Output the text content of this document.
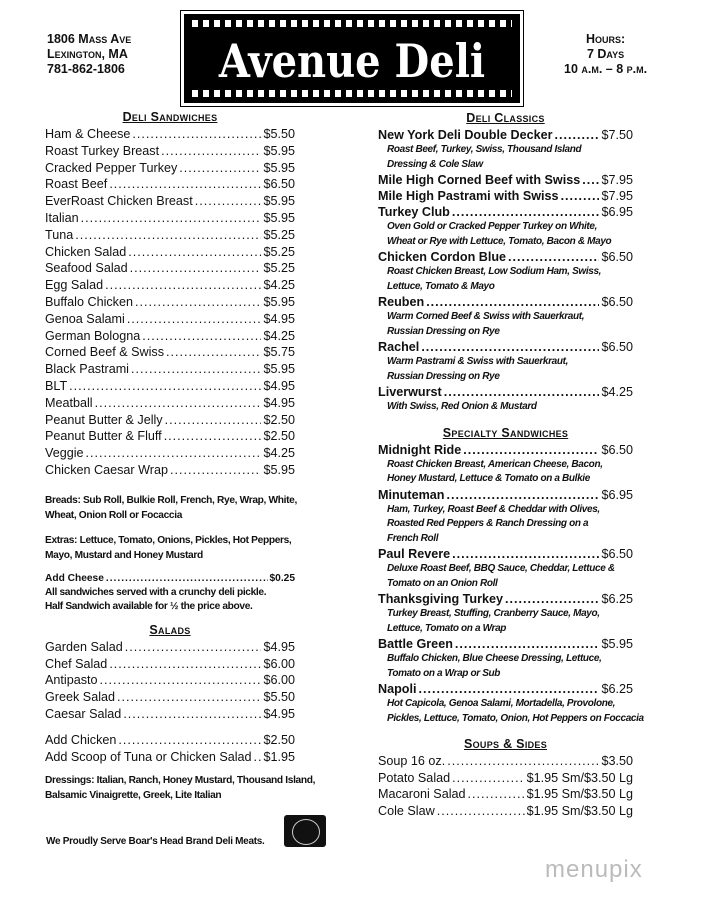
1806 Mass Ave
Lexington, MA
781-862-1806	Avenue Deli	Hours:
7 Days
10 a.m. – 8 p.m.
Deli Sandwiches
Ham & Cheese .....	$5.50
Roast Turkey Breast .....	$5.95
Cracked Pepper Turkey .....	$5.95
Roast Beef .....	$6.50
EverRoast Chicken Breast .....	$5.95
Italian .....	$5.95
Tuna .....	$5.25
Chicken Salad .....	$5.25
Seafood Salad .....	$5.25
Egg Salad .....	$4.25
Buffalo Chicken .....	$5.95
Genoa Salami .....	$4.95
German Bologna .....	$4.25
Corned Beef & Swiss .....	$5.75
Black Pastrami .....	$5.95
BLT .....	$4.95
Meatball .....	$4.95
Peanut Butter & Jelly .....	$2.50
Peanut Butter & Fluff .....	$2.50
Veggie .....	$4.25
Chicken Caesar Wrap .....	$5.95
Breads: Sub Roll, Bulkie Roll, French, Rye, Wrap, White,
Wheat, Onion Roll or Focaccia
Extras: Lettuce, Tomato, Onions, Pickles, Hot Peppers,
Mayo, Mustard and Honey Mustard
Add Cheese .....	$0.25
All sandwiches served with a crunchy deli pickle.
Half Sandwich available for ½ the price above.
Salads
Garden Salad .....	$4.95
Chef Salad .....	$6.00
Antipasto .....	$6.00
Greek Salad .....	$5.50
Caesar Salad .....	$4.95
Add Chicken .....	$2.50
Add Scoop of Tuna or Chicken Salad ..... $1.95
Dressings: Italian, Ranch, Honey Mustard, Thousand Island,
Balsamic Vinaigrette, Greek, Lite Italian
Deli Classics
New York Deli Double Decker .....	$7.50
Roast Beef, Turkey, Swiss, Thousand Island
Dressing & Cole Slaw
Mile High Corned Beef with Swiss ..... $7.95
Mile High Pastrami with Swiss .....	$7.95
Turkey Club .....	$6.95
Oven Gold or Cracked Pepper Turkey on White,
Wheat or Rye with Lettuce, Tomato, Bacon & Mayo
Chicken Cordon Blue .....	$6.50
Roast Chicken Breast, Low Sodium Ham, Swiss,
Lettuce, Tomato & Mayo
Reuben .....	$6.50
Warm Corned Beef & Swiss with Sauerkraut,
Russian Dressing on Rye
Rachel .....	$6.50
Warm Pastrami & Swiss with Sauerkraut,
Russian Dressing on Rye
Liverwurst .....	$4.25
With Swiss, Red Onion & Mustard
Specialty Sandwiches
Midnight Ride .....	$6.50
Roast Chicken Breast, American Cheese, Bacon,
Honey Mustard, Lettuce & Tomato on a Bulkie
Minuteman .....	$6.95
Ham, Turkey, Roast Beef & Cheddar with Olives,
Roasted Red Peppers & Ranch Dressing on a
French Roll
Paul Revere .....	$6.50
Deluxe Roast Beef, BBQ Sauce, Cheddar, Lettuce &
Tomato on an Onion Roll
Thanksgiving Turkey .....	$6.25
Turkey Breast, Stuffing, Cranberry Sauce, Mayo,
Lettuce, Tomato on a Wrap
Battle Green .....	$5.95
Buffalo Chicken, Blue Cheese Dressing, Lettuce,
Tomato on a Wrap or Sub
Napoli .....	$6.25
Hot Capicola, Genoa Salami, Mortadella, Provolone,
Pickles, Lettuce, Tomato, Onion, Hot Peppers on Foccacia
Soups & Sides
Soup 16 oz. .....	$3.50
Potato Salad .....	$1.95 Sm/$3.50 Lg
Macaroni Salad .....	$1.95 Sm/$3.50 Lg
Cole Slaw .....	$1.95 Sm/$3.50 Lg
We Proudly Serve Boar's Head Brand Deli Meats.
menupix
